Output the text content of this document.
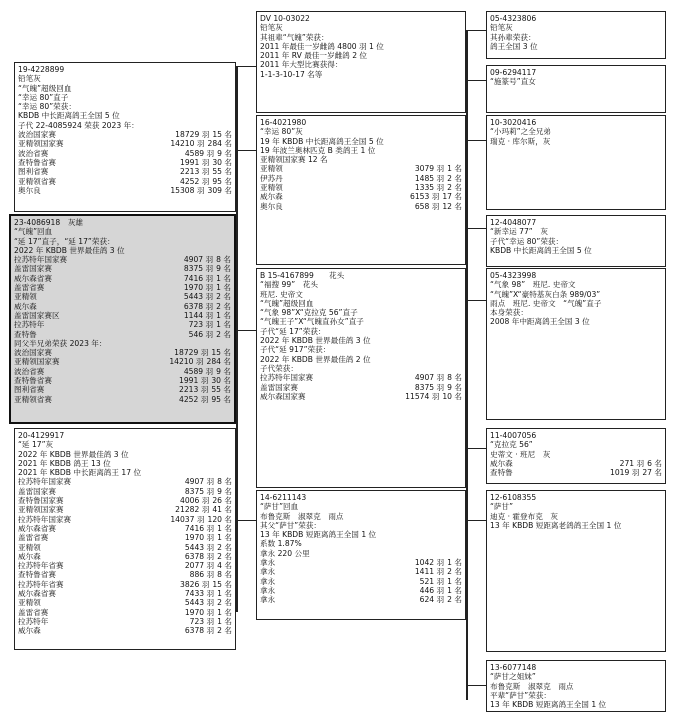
19-4228899
铅笔灰
“气魄”超级回血
“幸运 80”直子
“幸运 80”荣获：
KBDB 中长距离鸽王全国 5 位
子代 22-4085924 荣获 2023 年：
波治国家赛	18729 羽 15 名
亚精领国家赛	14210 羽 284 名
波治省赛	4589 羽 9 名
查特鲁省赛	1991 羽 30 名
图利省赛	2213 羽 55 名
亚精领省赛	4252 羽 95 名
奥尔良	15308 羽 309 名
23-4086918　灰雄
“气魄”回血
“延 17”直子，“延 17”荣获：
2022 年 KBDB 世界最佳鸽 3 位
拉苏特年国家赛	4907 羽 8 名
盖雷国家赛	8375 羽 9 名
威尔森省赛	7416 羽 1 名
盖雷省赛	1970 羽 1 名
亚精领	5443 羽 2 名
威尔森	6378 羽 2 名
盖雷国家赛区	1144 羽 1 名
拉苏特年	723 羽 1 名
查特鲁	546 羽 2 名
同父半兄弟荣获 2023 年：
波治国家赛	18729 羽 15 名
亚精领国家赛	14210 羽 284 名
波治省赛	4589 羽 9 名
查特鲁省赛	1991 羽 30 名
图利省赛	2213 羽 55 名
亚精领省赛	4252 羽 95 名
20-4129917
“延 17”灰
2022 年 KBDB 世界最佳鸽 3 位
2021 年 KBDB 鸽王 13 位
2021 年 KBDB 中长距离鸽王 17 位
拉苏特年国家赛	4907 羽 8 名
盖雷国家赛	8375 羽 9 名
查特鲁国家赛	4006 羽 26 名
亚精领国家赛	21282 羽 41 名
拉苏特年国家赛	14037 羽 120 名
威尔森省赛	7416 羽 1 名
盖雷省赛	1970 羽 1 名
亚精领	5443 羽 2 名
威尔森	6378 羽 2 名
拉苏特年省赛	2077 羽 4 名
查特鲁省赛	886 羽 8 名
拉苏特年省赛	3826 羽 15 名
威尔森省赛	7433 羽 1 名
亚精领	5443 羽 2 名
盖雷省赛	1970 羽 1 名
拉苏特年	723 羽 1 名
威尔森	6378 羽 2 名
DV 10-03022
铅笔灰
其祖辈“气魄”荣获：
2011 年最佳一岁雌鸽 4800 羽 1 位
2011 年 RV 最佳一岁雌鸽 2 位
2011 年大型比赛获得：
1-1-3-10-17 名等
16-4021980
“幸运 80”灰
19 年 KBDB 中长距离鸽王全国 5 位
19 年波兰奥林匹克 B 类鸽王 1 位
亚精领国家赛 12 名
亚精领	3079 羽 1 名
伊苏丹	1485 羽 2 名
亚精领	1335 羽 2 名
威尔森	6153 羽 17 名
奥尔良	658 羽 12 名
B 15-4167899　　花头
“福搜 99”　花头
班尼. 史帝文
“气魄”超级回血
“气象 98”X“克拉克 56”直子
“气魄王子”X“气魄直孙女”直子
子代“延 17”荣获：
2022 年 KBDB 世界最佳鸽 3 位
子代“延 917”荣获：
2022 年 KBDB 世界最佳鸽 2 位
子代荣获：
拉苏特年国家赛	4907 羽 8 名
盖雷国家赛	8375 羽 9 名
威尔森国家赛	11574 羽 10 名
14-6211143
“萨甘”回血
布鲁克斯　淑翠克　雨点
其父“萨甘”荣获：
13 年 KBDB 短距离鸽王全国 1 位
系数 1.87%
拿永 220 公里
拿永	1042 羽 1 名
拿永	1411 羽 2 名
拿永	521 羽 1 名
拿永	446 羽 1 名
拿永	624 羽 2 名
05-4323806
铅笔灰
其孙辈荣获：
鸽王全国 3 位
09-6294117
“施篆号”直女
10-3020416
“小玛莉”之全兄弟
瑞克 · 库尔斯，灰
12-4048077
“新幸运 77”　灰
子代“幸运 80”荣获：
KBDB 中长距离鸽王全国 5 位
05-4323998
“气象 98”　班尼. 史帝文
“气魄”X“豪特基灰白条 989/03”
雨点　班尼. 史帝文　“气魄”直子
本身荣获：
2008 年中距离鸽王全国 3 位
11-4007056
“克拉克 56”
史蒂文 · 班尼　灰
威尔森	271 羽 6 名
查特鲁	1019 羽 27 名
12-6108355
“萨甘”
迪克 · 霍登布克　灰
13 年 KBDB 短距离老鸽鸽王全国 1 位
13-6077148
“萨甘之姐妹”
布鲁克斯　淑翠克　雨点
平辈“萨甘”荣获：
13 年 KBDB 短距离鸽王全国 1 位
